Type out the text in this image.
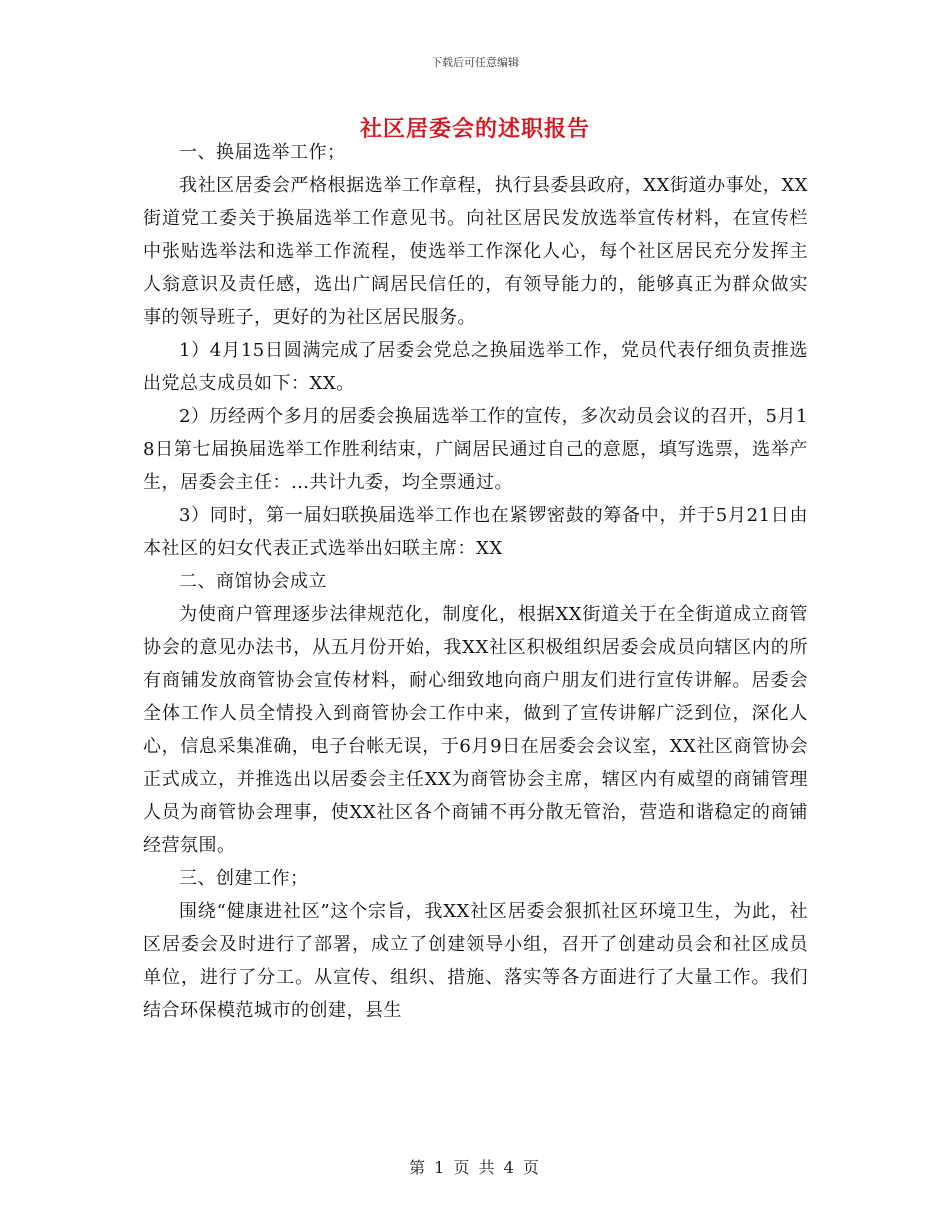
下载后可任意编辑
社区居委会的述职报告

一、换届选举工作；

我社区居委会严格根据选举工作章程，执行县委县政府，XX街道办事处，XX街道党工委关于换届选举工作意见书。向社区居民发放选举宣传材料，在宣传栏中张贴选举法和选举工作流程，使选举工作深化人心，每个社区居民充分发挥主人翁意识及责任感，选出广阔居民信任的，有领导能力的，能够真正为群众做实事的领导班子，更好的为社区居民服务。

1）4月15日圆满完成了居委会党总之换届选举工作，党员代表仔细负责推选出党总支成员如下：XX。

2）历经两个多月的居委会换届选举工作的宣传，多次动员会议的召开，5月18日第七届换届选举工作胜利结束，广阔居民通过自己的意愿，填写选票，选举产生，居委会主任：…共计九委，均全票通过。

3）同时，第一届妇联换届选举工作也在紧锣密鼓的筹备中，并于5月21日由本社区的妇女代表正式选举出妇联主席：XX

二、商馆协会成立

为使商户管理逐步法律规范化，制度化，根据XX街道关于在全街道成立商管协会的意见办法书，从五月份开始，我XX社区积极组织居委会成员向辖区内的所有商铺发放商管协会宣传材料，耐心细致地向商户朋友们进行宣传讲解。居委会全体工作人员全情投入到商管协会工作中来，做到了宣传讲解广泛到位，深化人心，信息采集准确，电子台帐无误，于6月9日在居委会会议室，XX社区商管协会正式成立，并推选出以居委会主任XX为商管协会主席，辖区内有威望的商铺管理人员为商管协会理事，使XX社区各个商铺不再分散无管治，营造和谐稳定的商铺经营氛围。

三、创建工作；

围绕“健康进社区”这个宗旨，我XX社区居委会狠抓社区环境卫生，为此，社区居委会及时进行了部署，成立了创建领导小组，召开了创建动员会和社区成员单位，进行了分工。从宣传、组织、措施、落实等各方面进行了大量工作。我们结合环保模范城市的创建，县生

第 1 页 共 4 页
